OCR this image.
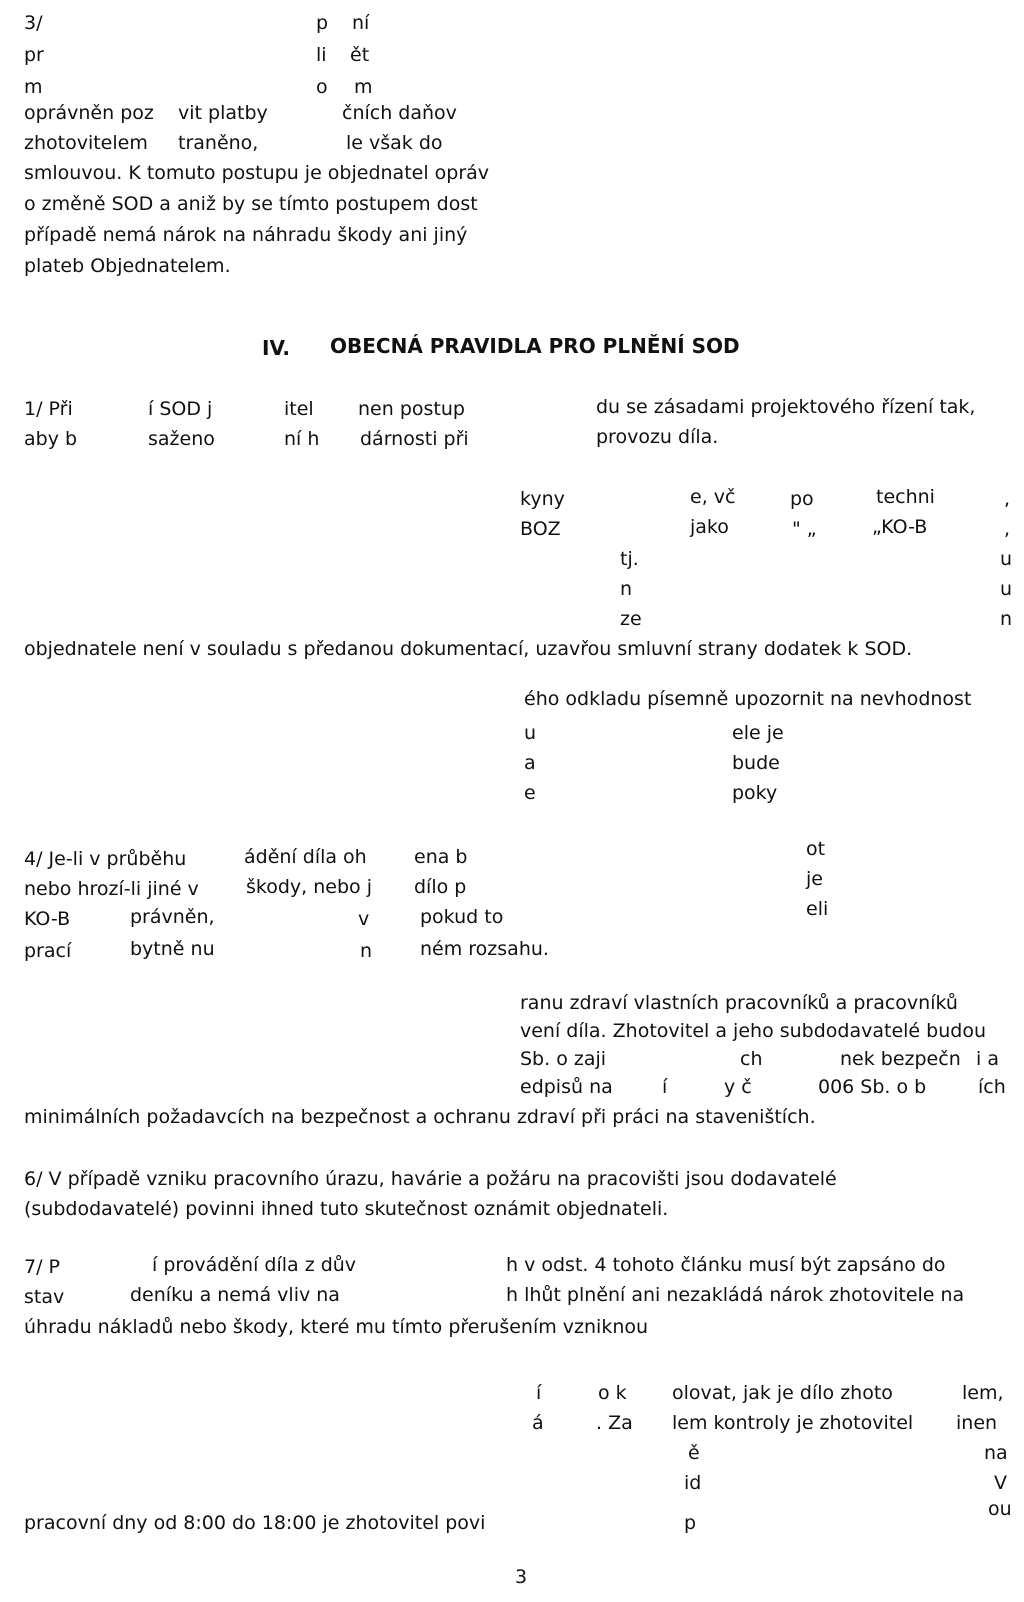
3/	p ní
pr	li ět
m	o m
oprávněn poz vit platby	čních daňov
zhotovitelem traněno,	le však do
smlouvou. K tomuto postupu je objednatel opráv
o změně SOD a aniž by se tímto postupem dost
případě nemá nárok na náhradu škody ani jiný
plateb Objednatelem.
IV. OBECNÁ PRAVIDLA PRO PLNĚNÍ SOD
1/ Při	í SOD j	itel nen postup	du se zásadami projektového řízení tak,
aby b	saženo	ní h dárnosti při	provozu díla.
kyny	e, vč	po	techni	,
BOZ	jako	" „	„KO-B	,
tj.	u
n	u
ze	n
objednatele není v souladu s předanou dokumentací, uzavřou smluvní strany dodatek k SOD.
ého odkladu písemně upozornit na nevhodnost
u	ele je
a	bude
e	poky
4/ Je-li v průběhu	ádění díla oh ena b	ot
nebo hrozí-li jiné v škody, nebo j dílo p	je
KO-B	právněn,	v	pokud to	eli
prací	bytně nu	n	ném rozsahu.
ranu zdraví vlastních pracovníků a pracovníků
vení díla. Zhotovitel a jeho subdodavatelé budou
Sb. o zaji	ch	nek bezpečn i a
edpisů na	í	y č	006 Sb. o b	ích
minimálních požadavcích na bezpečnost a ochranu zdraví při práci na staveništích.
6/ V případě vzniku pracovního úrazu, havárie a požáru na pracovišti jsou dodavatelé
(subdodavatelé) povinni ihned tuto skutečnost oznámit objednateli.
7/ P	í provádění díla z dův	h v odst. 4 tohoto článku musí být zapsáno do
stav	deníku a nemá vliv na	h lhůt plnění ani nezakládá nárok zhotovitele na
úhradu nákladů nebo škody, které mu tímto přerušením vzniknou
í	o k olovat, jak je dílo zhoto	lem,
á	. Za lem kontroly je zhotovitel inen
ě	na
id	V
pracovní dny od 8:00 do 18:00 je zhotovitel povi	p
ou
3
